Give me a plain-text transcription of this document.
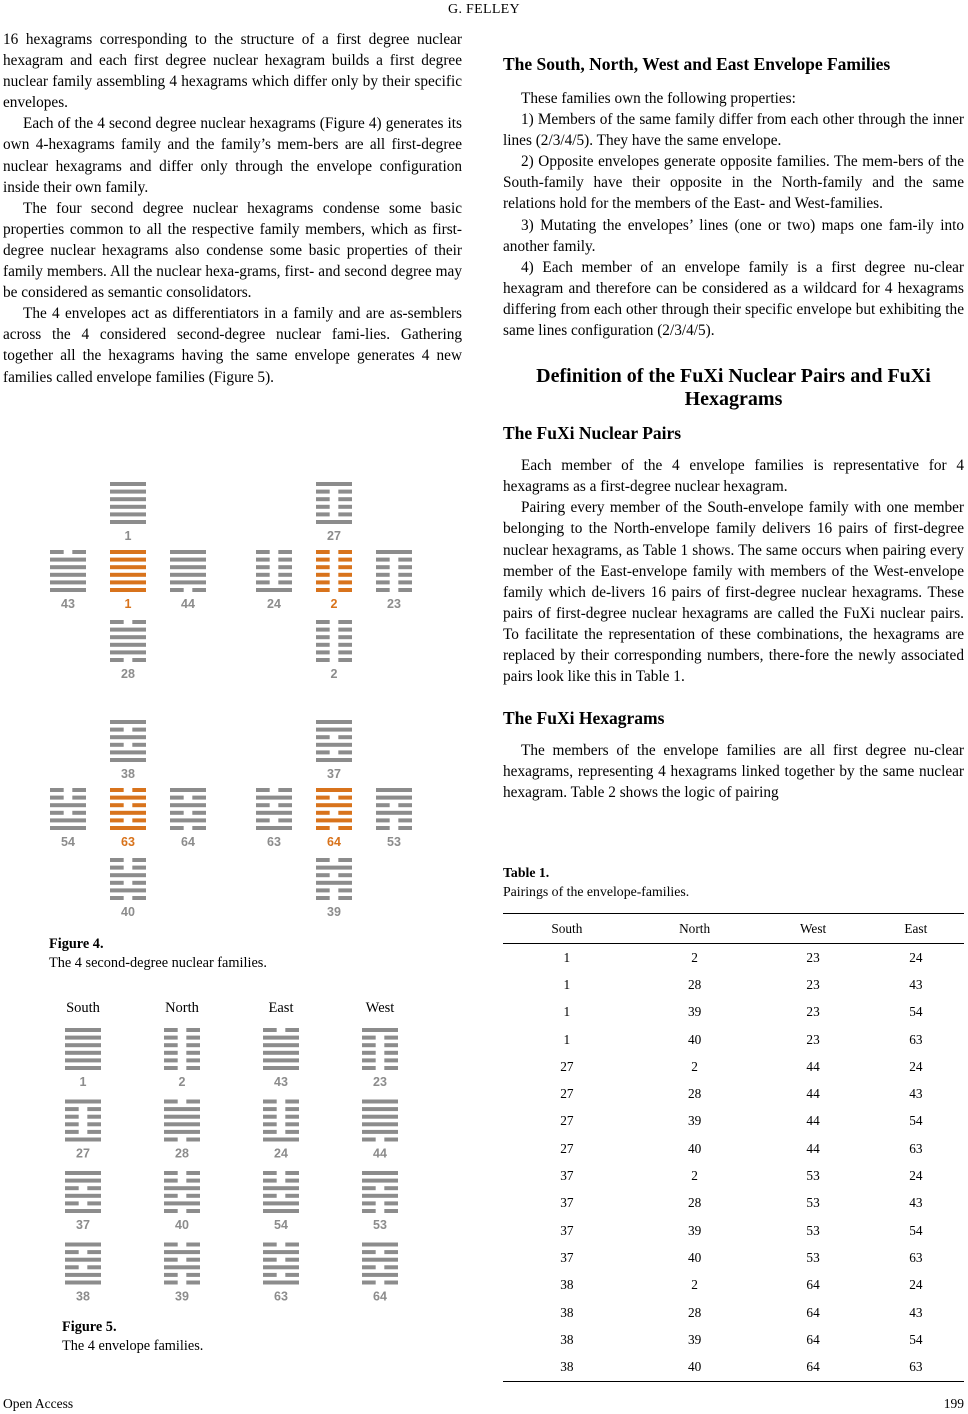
G. FELLEY

16 hexagrams corresponding to the structure of a first degree nuclear hexagram and each first degree nuclear hexagram builds a first degree nuclear family assembling 4 hexagrams which differ only by their specific envelopes.

Each of the 4 second degree nuclear hexagrams (Figure 4) generates its own 4-hexagrams family and the family’s mem-bers are all first-degree nuclear hexagrams and differ only through the envelope configuration inside their own family.

The four second degree nuclear hexagrams condense some basic properties common to all the respective family members, which as first-degree nuclear hexagrams also condense some basic properties of their family members. All the nuclear hexa-grams, first- and second degree may be considered as semantic consolidators.

The 4 envelopes act as differentiators in a family and are as-semblers across the 4 considered second-degree nuclear fami-lies. Gathering together all the hexagrams having the same envelope generates 4 new families called envelope families (Figure 5).

1
43	1	44
28
27
24	2	23
2
38
54	63	64
40
37
63	64	53
39
Figure 4.
The 4 second-degree nuclear families.
South	North	East	West
1	2	43	23
27	28	24	44
37	40	54	53
38	39	63	64
Figure 5.
The 4 envelope families.
The South, North, West and East Envelope Families

These families own the following properties:

1) Members of the same family differ from each other through the inner lines (2/3/4/5). They have the same envelope.

2) Opposite envelopes generate opposite families. The mem-bers of the South-family have their opposite in the North-family and the same relations hold for the members of the East- and West-families.

3) Mutating the envelopes’ lines (one or two) maps one fam-ily into another family.

4) Each member of an envelope family is a first degree nu-clear hexagram and therefore can be considered as a wildcard for 4 hexagrams differing from each other through their specific envelope but exhibiting the same lines configuration (2/3/4/5).

Definition of the FuXi Nuclear Pairs and FuXi Hexagrams
The FuXi Nuclear Pairs

Each member of the 4 envelope families is representative for 4 hexagrams as a first-degree nuclear hexagram.

Pairing every member of the South-envelope family with one member belonging to the North-envelope family delivers 16 pairs of first-degree nuclear hexagrams, as Table 1 shows. The same occurs when pairing every member of the East-envelope family with members of the West-envelope family which de-livers 16 pairs of first-degree nuclear hexagrams. These pairs of first-degree nuclear hexagrams are called the FuXi nuclear pairs. To facilitate the representation of these combinations, the hexagrams are replaced by their corresponding numbers, there-fore the newly associated pairs look like this in Table 1.

The FuXi Hexagrams

The members of the envelope families are all first degree nu-clear hexagrams, representing 4 hexagrams linked together by the same nuclear hexagram. Table 2 shows the logic of pairing

Table 1.
Pairings of the envelope-families.
South	North	West	East
1	2	23	24
1	28	23	43
1	39	23	54
1	40	23	63
27	2	44	24
27	28	44	43
27	39	44	54
27	40	44	63
37	2	53	24
37	28	53	43
37	39	53	54
37	40	53	63
38	2	64	24
38	28	64	43
38	39	64	54
38	40	64	63
Open Access	199
